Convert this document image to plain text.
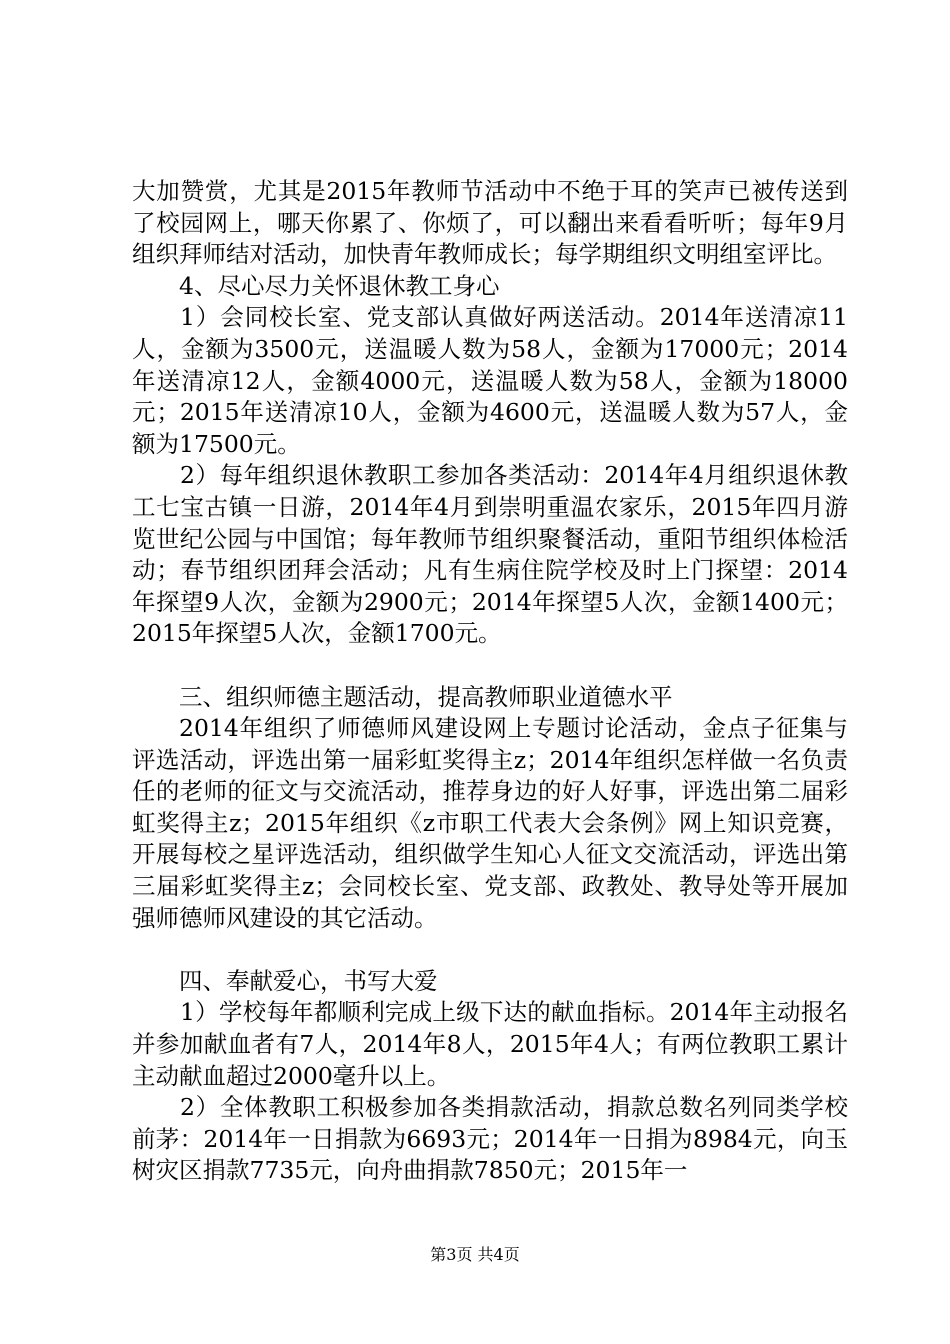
大加赞赏，尤其是2015年教师节活动中不绝于耳的笑声已被传送到了校园网上，哪天你累了、你烦了，可以翻出来看看听听；每年9月组织拜师结对活动，加快青年教师成长；每学期组织文明组室评比。

4、尽心尽力关怀退休教工身心

1）会同校长室、党支部认真做好两送活动。2014年送清凉11人，金额为3500元，送温暖人数为58人，金额为17000元；2014年送清凉12人，金额4000元，送温暖人数为58人，金额为18000元；2015年送清凉10人，金额为4600元，送温暖人数为57人，金额为17500元。

2）每年组织退休教职工参加各类活动：2014年4月组织退休教工七宝古镇一日游，2014年4月到崇明重温农家乐，2015年四月游览世纪公园与中国馆；每年教师节组织聚餐活动，重阳节组织体检活动；春节组织团拜会活动；凡有生病住院学校及时上门探望：2014年探望9人次，金额为2900元；2014年探望5人次，金额1400元；2015年探望5人次，金额1700元。

三、组织师德主题活动，提高教师职业道德水平

2014年组织了师德师风建设网上专题讨论活动，金点子征集与评选活动，评选出第一届彩虹奖得主z；2014年组织怎样做一名负责任的老师的征文与交流活动，推荐身边的好人好事，评选出第二届彩虹奖得主z；2015年组织《z市职工代表大会条例》网上知识竞赛，开展每校之星评选活动，组织做学生知心人征文交流活动，评选出第三届彩虹奖得主z；会同校长室、党支部、政教处、教导处等开展加强师德师风建设的其它活动。

四、奉献爱心，书写大爱

1）学校每年都顺利完成上级下达的献血指标。2014年主动报名并参加献血者有7人，2014年8人，2015年4人；有两位教职工累计主动献血超过2000毫升以上。

2）全体教职工积极参加各类捐款活动，捐款总数名列同类学校前茅：2014年一日捐款为6693元；2014年一日捐为8984元，向玉树灾区捐款7735元，向舟曲捐款7850元；2015年一

第3页 共4页
